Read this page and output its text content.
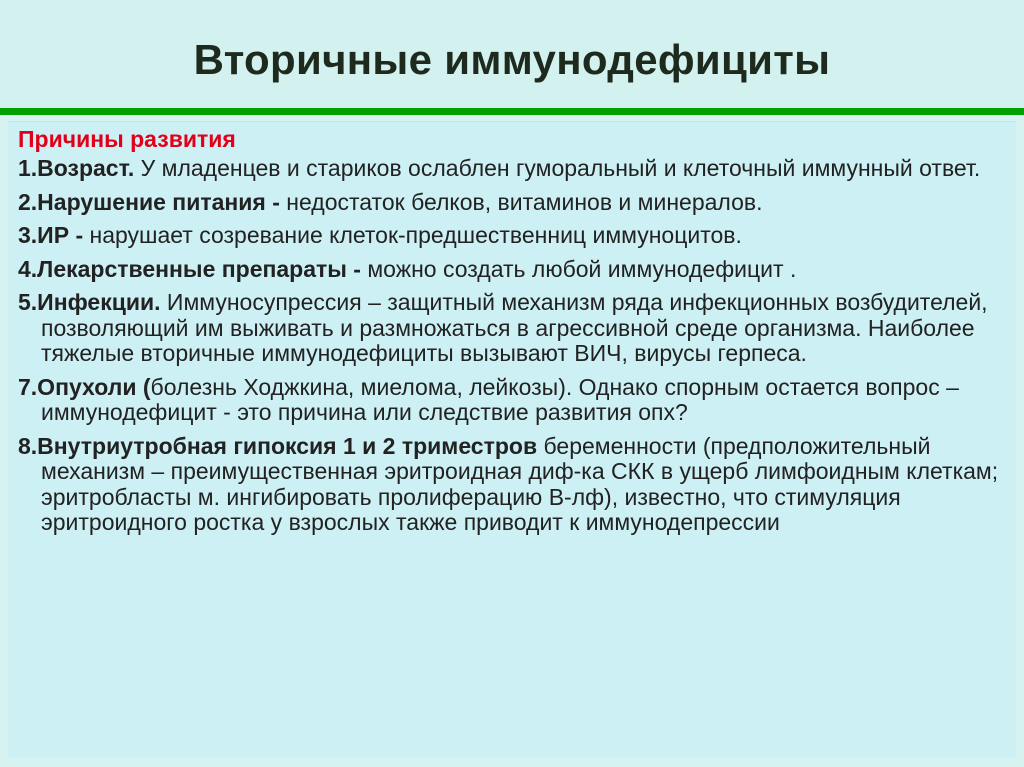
Вторичные иммунодефициты

Причины развития

1.Возраст. У младенцев и стариков ослаблен гуморальный и клеточный иммунный ответ.

2.Нарушение питания - недостаток белков, витаминов и минералов.

3.ИР - нарушает созревание клеток-предшественниц иммуноцитов.

4.Лекарственные препараты - можно создать любой иммунодефицит .

5.Инфекции. Иммуносупрессия – защитный механизм ряда инфекционных возбудителей, позволяющий им выживать и размножаться в агрессивной среде организма. Наиболее тяжелые вторичные иммунодефициты вызывают ВИЧ, вирусы герпеса.

7.Опухоли (болезнь Ходжкина, миелома, лейкозы). Однако спорным остается вопрос – иммунодефицит - это причина или следствие развития опх?

8.Внутриутробная гипоксия 1 и 2 триместров беременности (предположительный механизм – преимущественная эритроидная диф-ка СКК в ущерб лимфоидным клеткам; эритробласты м. ингибировать пролиферацию В-лф), известно, что стимуляция эритроидного ростка у взрослых также приводит к иммунодепрессии
